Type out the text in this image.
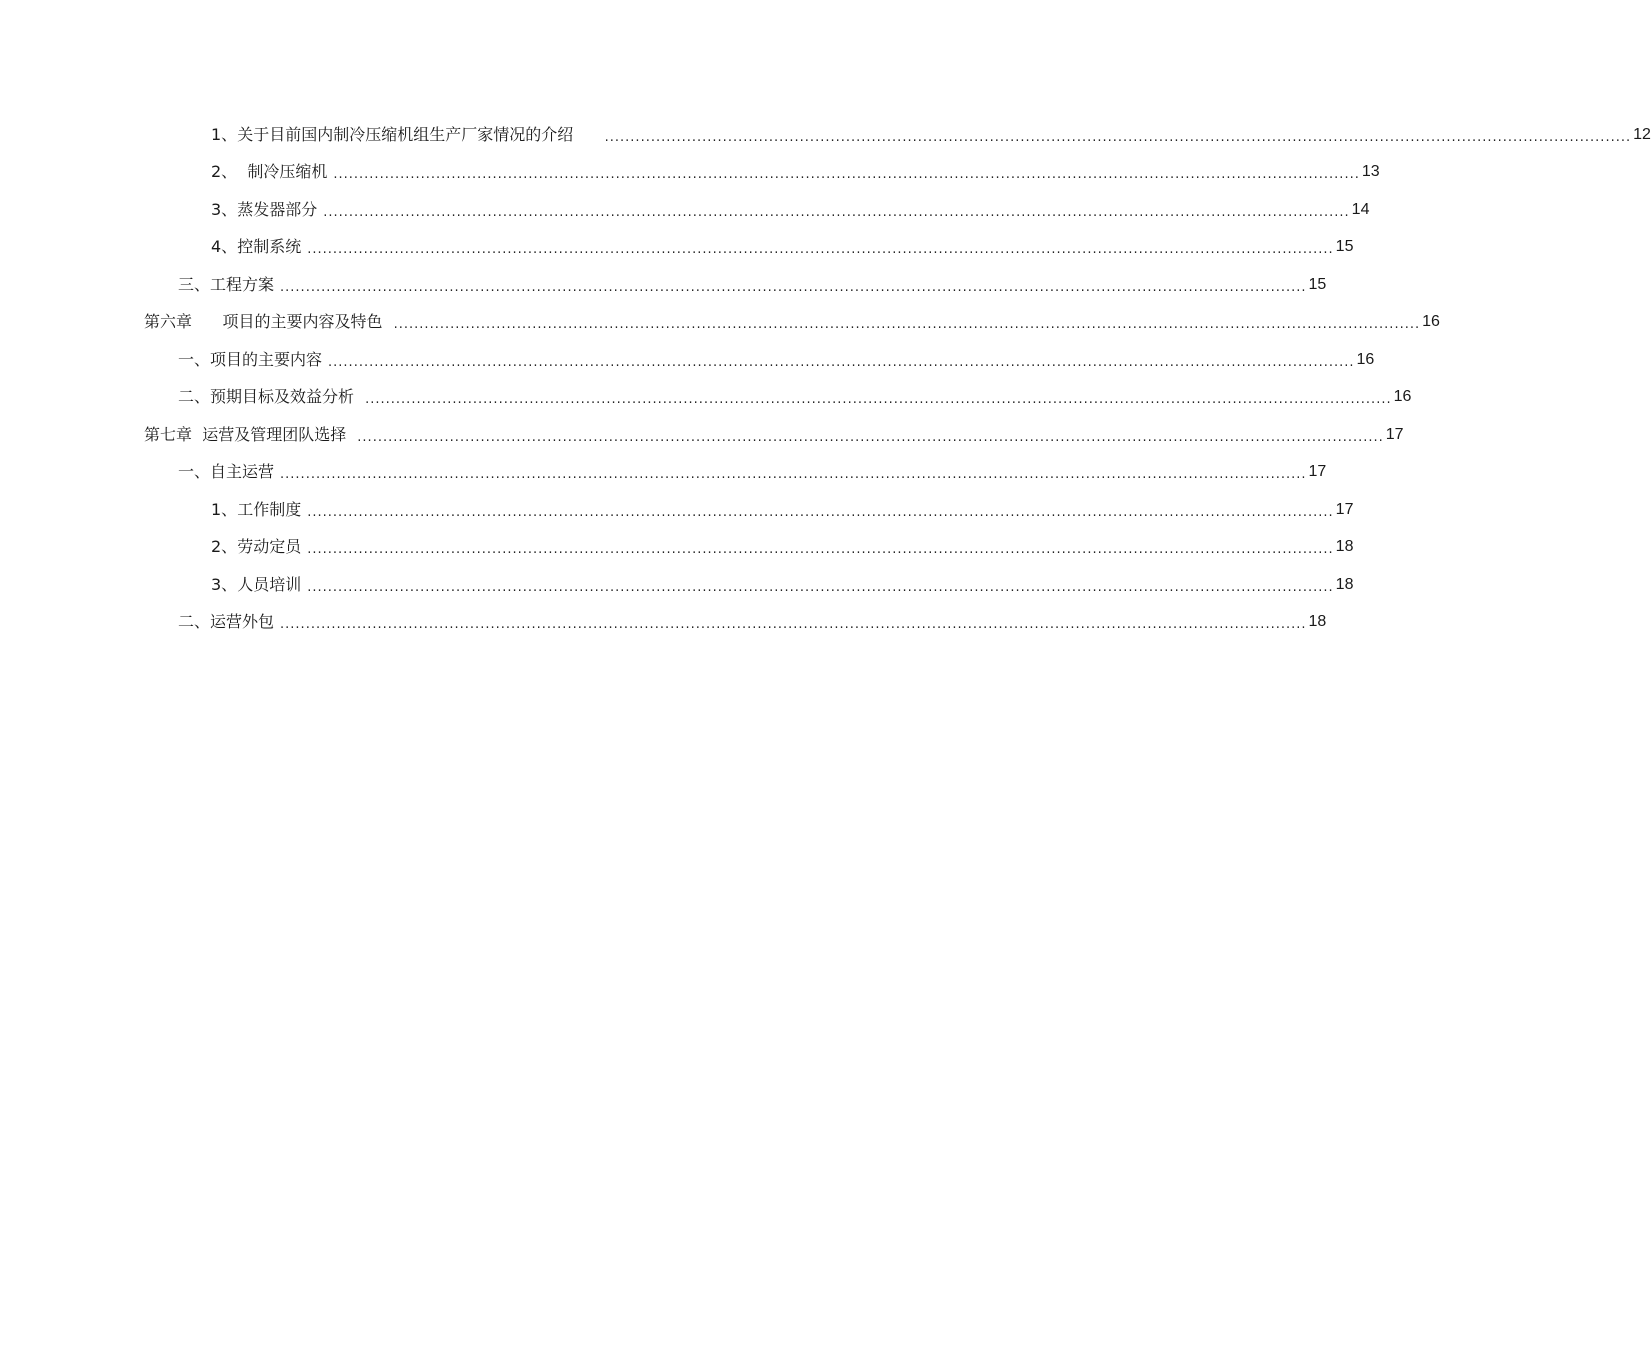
1、 关于目前国内制冷压缩机组生产厂家情况的介绍
........................................................................................................................................................................................................ 12
2、 制冷压缩机 ........................................................................................................................................................................................................ 13
3、 蒸发器部分 ........................................................................................................................................................................................................ 14
4、 控制系统 ........................................................................................................................................................................................................ 15
三、 工程方案 ........................................................................................................................................................................................................ 15
第六章 项目的主要内容及特色
........................................................................................................................................................................................................ 16
一、 项目的主要内容 ........................................................................................................................................................................................................ 16
二、 预期目标及效益分析
........................................................................................................................................................................................................ 16
第七章 运营及管理团队选择
........................................................................................................................................................................................................ 17
一、 自主运营 ........................................................................................................................................................................................................ 17
1、 工作制度 ........................................................................................................................................................................................................ 17
2、 劳动定员 ........................................................................................................................................................................................................ 18
3、 人员培训 ........................................................................................................................................................................................................ 18
二、 运营外包 ........................................................................................................................................................................................................ 18
